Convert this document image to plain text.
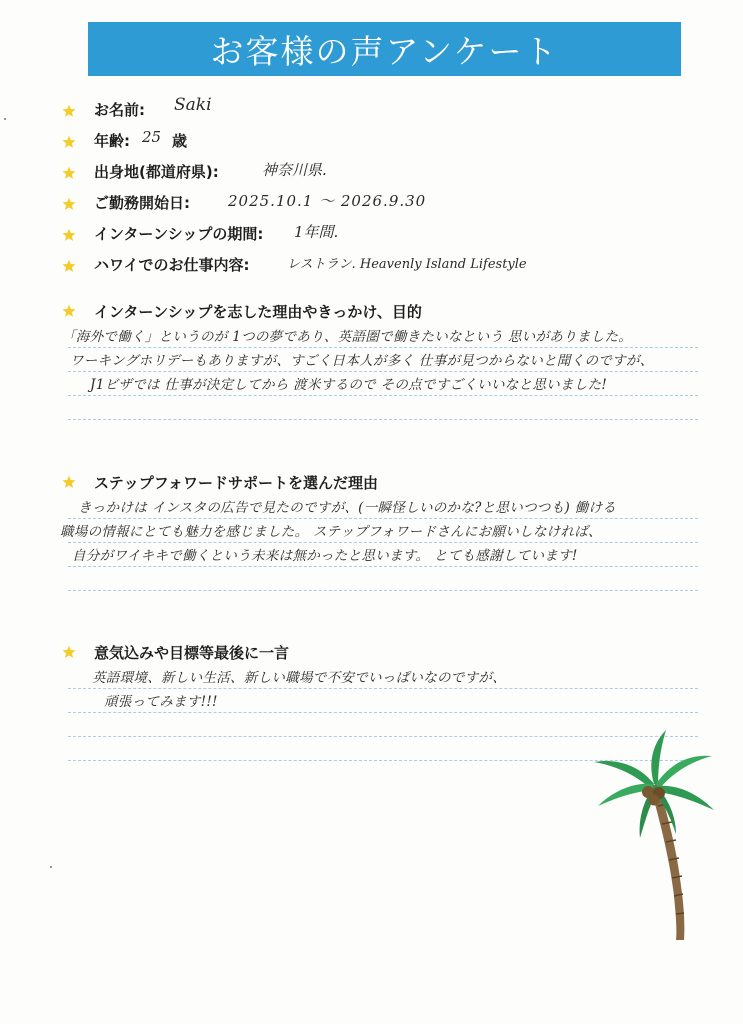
お客様の声アンケート
お名前: Saki
年齢: 25 歳
出身地(都道府県):	神奈川県.
ご勤務開始日:	2025.10.1 ～ 2026.9.30
インターンシップの期間: 1年間.
ハワイでのお仕事内容:	レストラン. Heavenly Island Lifestyle
インターンシップを志した理由やきっかけ、目的
「海外で働く」というのが 1つの夢であり、英語圏で働きたいなという 思いがありました。
ワーキングホリデーもありますが、すごく日本人が多く 仕事が見つからないと聞くのですが、
J1ビザでは 仕事が決定してから 渡米するので その点ですごくいいなと思いました!
ステップフォワードサポートを選んだ理由
きっかけは インスタの広告で見たのですが、(一瞬怪しいのかな?と思いつつも) 働ける
職場の情報にとても魅力を感じました。 ステップフォワードさんにお願いしなければ、
自分がワイキキで働くという未来は無かったと思います。 とても感謝しています!
意気込みや目標等最後に一言
英語環境、新しい生活、新しい職場で不安でいっぱいなのですが、
頑張ってみます!!!
